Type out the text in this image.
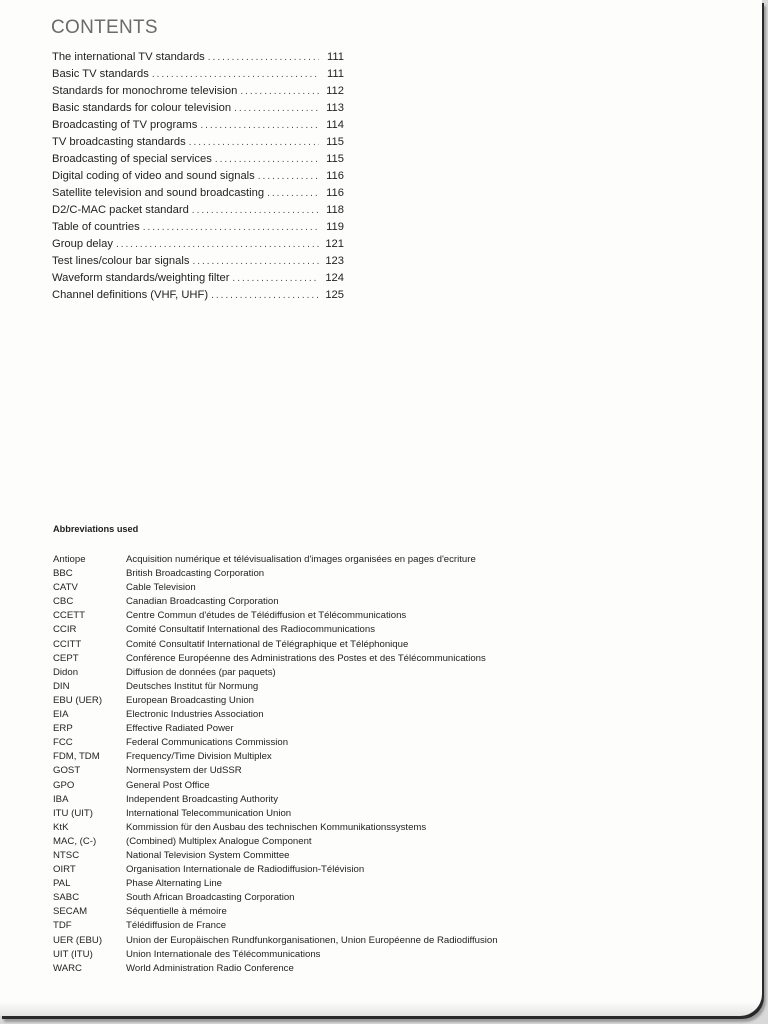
CONTENTS
The international TV standards .....	111
Basic TV standards .....	111
Standards for monochrome television .....	112
Basic standards for colour television .....	113
Broadcasting of TV programs .....	114
TV broadcasting standards .....	115
Broadcasting of special services .....	115
Digital coding of video and sound signals .....	116
Satellite television and sound broadcasting .....	116
D2/C-MAC packet standard .....	118
Table of countries .....	119
Group delay .....	121
Test lines/colour bar signals .....	123
Waveform standards/weighting filter .....	124
Channel definitions (VHF, UHF) .....	125
Abbreviations used
Antiope	Acquisition numérique et télévisualisation d'images organisées en pages d'ecriture
BBC	British Broadcasting Corporation
CATV	Cable Television
CBC	Canadian Broadcasting Corporation
CCETT	Centre Commun d'études de Télédiffusion et Télécommunications
CCIR	Comité Consultatif International des Radiocommunications
CCITT	Comité Consultatif International de Télégraphique et Téléphonique
CEPT	Conférence Européenne des Administrations des Postes et des Télécommunications
Didon	Diffusion de données (par paquets)
DIN	Deutsches Institut für Normung
EBU (UER)	European Broadcasting Union
EIA	Electronic Industries Association
ERP	Effective Radiated Power
FCC	Federal Communications Commission
FDM, TDM	Frequency/Time Division Multiplex
GOST	Normensystem der UdSSR
GPO	General Post Office
IBA	Independent Broadcasting Authority
ITU (UIT)	International Telecommunication Union
KtK	Kommission für den Ausbau des technischen Kommunikationssystems
MAC, (C-)	(Combined) Multiplex Analogue Component
NTSC	National Television System Committee
OIRT	Organisation Internationale de Radiodiffusion-Télévision
PAL	Phase Alternating Line
SABC	South African Broadcasting Corporation
SECAM	Séquentielle à mémoire
TDF	Télédiffusion de France
UER (EBU)	Union der Europäischen Rundfunkorganisationen, Union Européenne de Radiodiffusion
UIT (ITU)	Union Internationale des Télécommunications
WARC	World Administration Radio Conference
